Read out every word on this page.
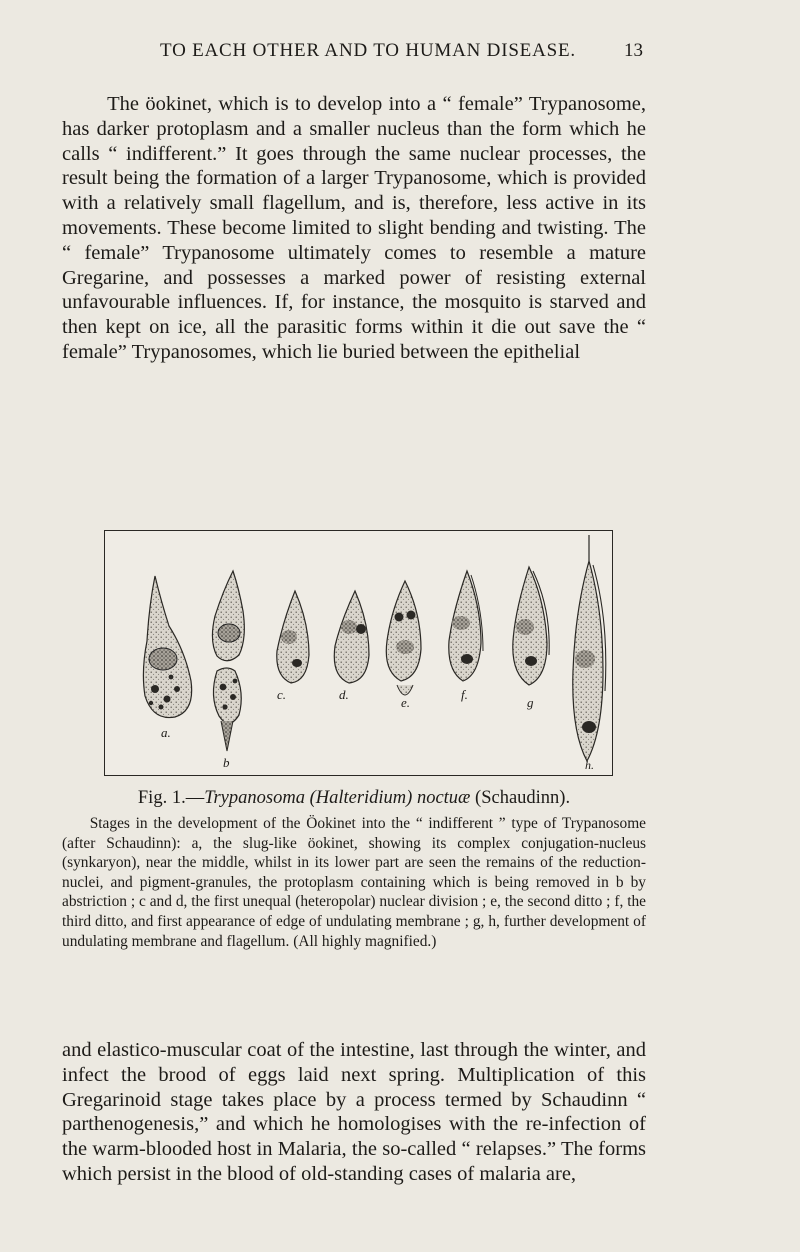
TO EACH OTHER AND TO HUMAN DISEASE.	13

The öokinet, which is to develop into a “ female” Trypanosome, has darker protoplasm and a smaller nucleus than the form which he calls “ indifferent.” It goes through the same nuclear processes, the result being the formation of a larger Trypanosome, which is provided with a relatively small flagellum, and is, therefore, less active in its movements. These become limited to slight bending and twisting. The “ female” Trypanosome ultimately comes to resemble a mature Gregarine, and possesses a marked power of resisting external unfavourable influences. If, for instance, the mosquito is starved and then kept on ice, all the parasitic forms within it die out save the “ female” Trypanosomes, which lie buried between the epithelial

a.
b
c.	d.
e.
f.
g
h.

Fig. 1.—Trypanosoma (Halteridium) noctuæ (Schaudinn).

Stages in the development of the Öokinet into the “ indifferent ” type of Trypanosome (after Schaudinn): a, the slug-like öokinet, showing its complex conjugation-nucleus (synkaryon), near the middle, whilst in its lower part are seen the remains of the reduction-nuclei, and pigment-granules, the protoplasm containing which is being removed in b by abstriction ; c and d, the first unequal (heteropolar) nuclear division ; e, the second ditto ; f, the third ditto, and first appearance of edge of undulating membrane ; g, h, further development of undulating membrane and flagellum. (All highly magnified.)

and elastico-muscular coat of the intestine, last through the winter, and infect the brood of eggs laid next spring. Multiplication of this Gregarinoid stage takes place by a process termed by Schaudinn “ parthenogenesis,” and which he homologises with the re-infection of the warm-blooded host in Malaria, the so-called “ relapses.” The forms which persist in the blood of old-standing cases of malaria are,
